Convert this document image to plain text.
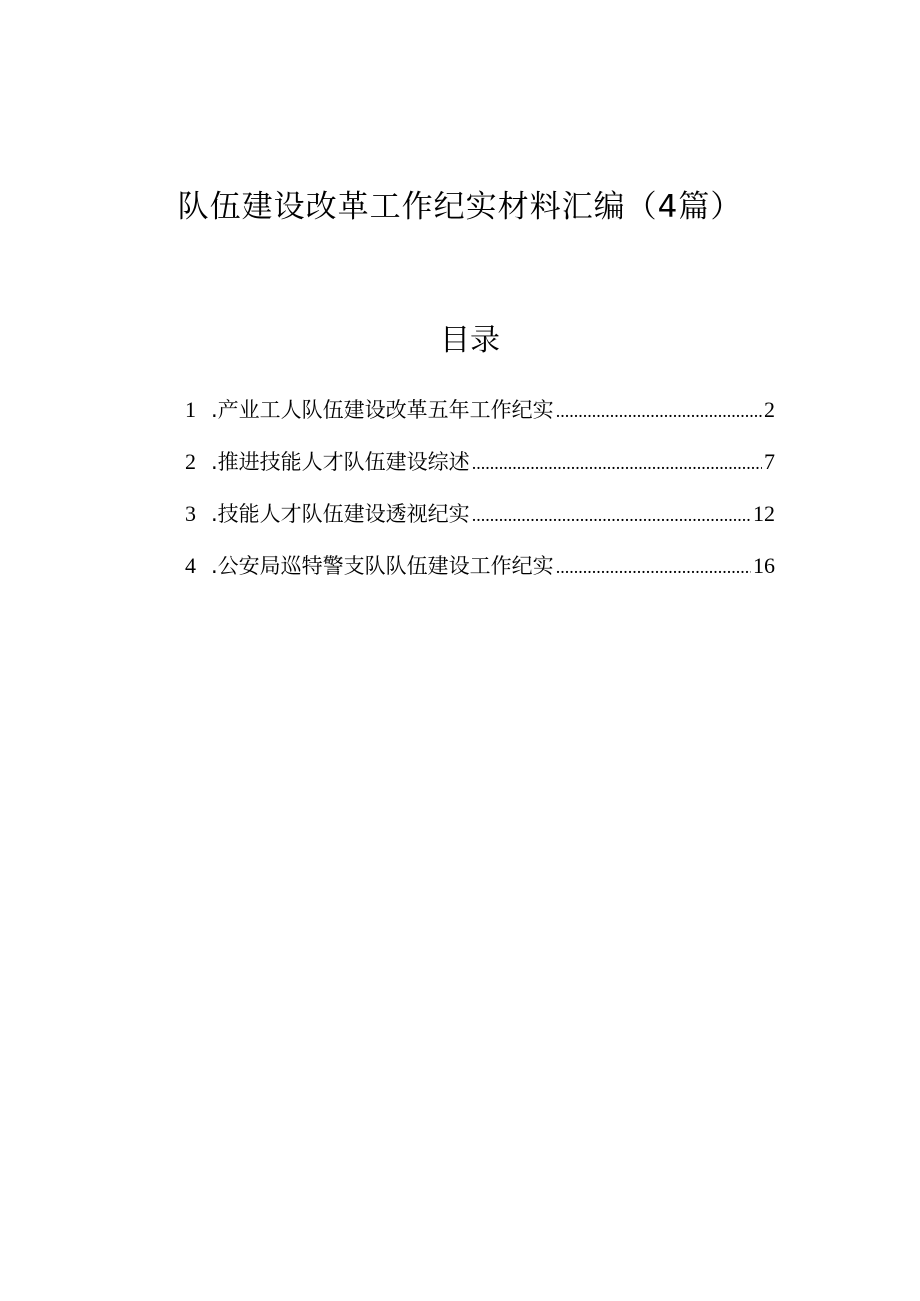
队伍建设改革工作纪实材料汇编（4篇）
目录
1 .产业工人队伍建设改革五年工作纪实 .....	2
2 .推进技能人才队伍建设综述 .....	7
3 .技能人才队伍建设透视纪实 .....	12
4 .公安局巡特警支队队伍建设工作纪实 .....	16
